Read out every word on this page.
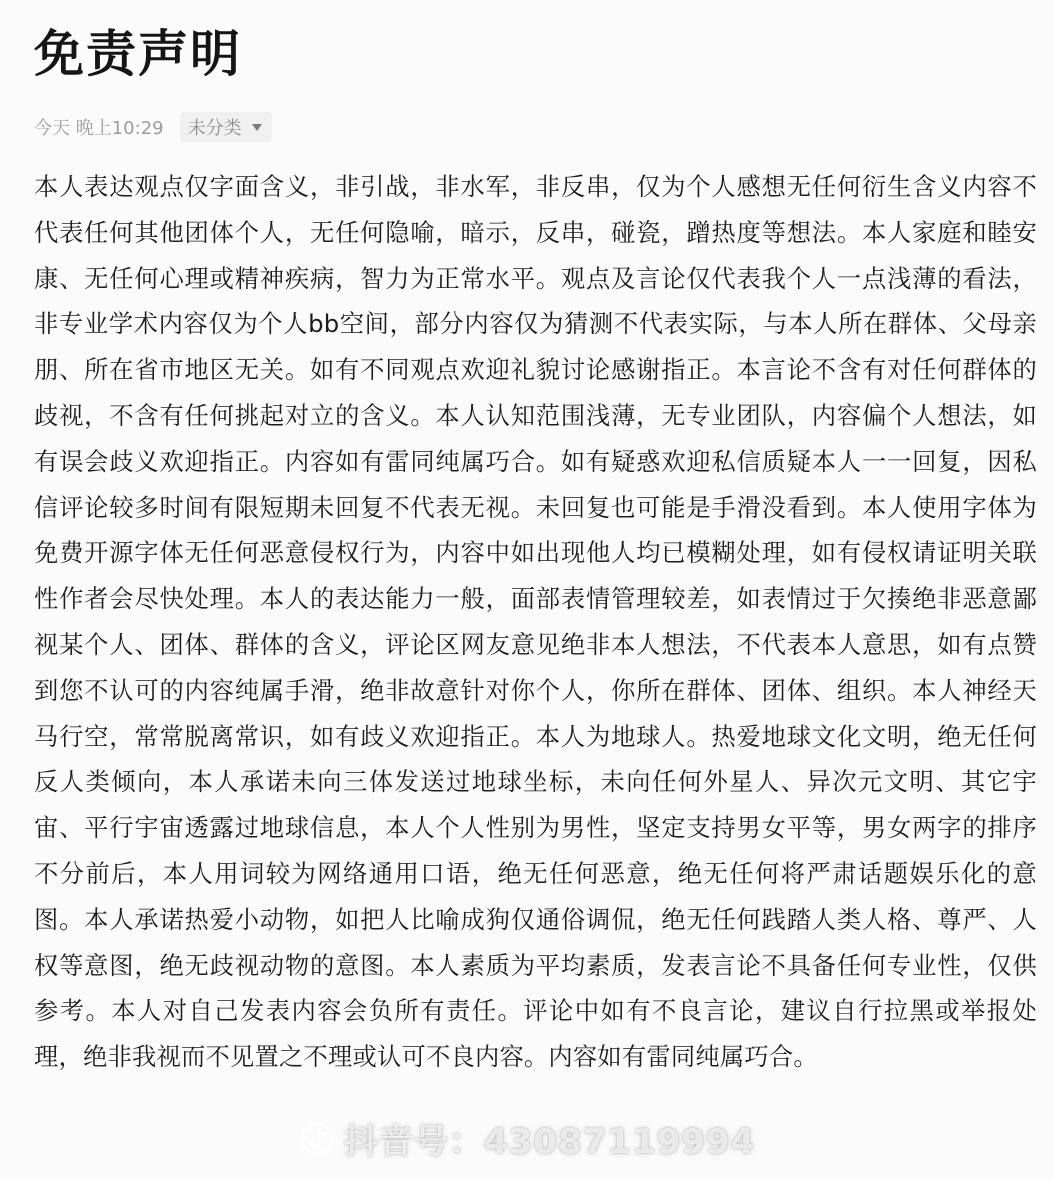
免责声明
今天 晚上10:29 未分类

本人表达观点仅字面含义，非引战，非水军，非反串，仅为个人感想无任何衍生含义内容不代表任何其他团体个人，无任何隐喻，暗示，反串，碰瓷，蹭热度等想法。本人家庭和睦安康、无任何心理或精神疾病，智力为正常水平。观点及言论仅代表我个人一点浅薄的看法，非专业学术内容仅为个人bb空间，部分内容仅为猜测不代表实际，与本人所在群体、父母亲朋、所在省市地区无关。如有不同观点欢迎礼貌讨论感谢指正。本言论不含有对任何群体的歧视，不含有任何挑起对立的含义。本人认知范围浅薄，无专业团队，内容偏个人想法，如有误会歧义欢迎指正。内容如有雷同纯属巧合。如有疑惑欢迎私信质疑本人一一回复，因私信评论较多时间有限短期未回复不代表无视。未回复也可能是手滑没看到。本人使用字体为免费开源字体无任何恶意侵权行为，内容中如出现他人均已模糊处理，如有侵权请证明关联性作者会尽快处理。本人的表达能力一般，面部表情管理较差，如表情过于欠揍绝非恶意鄙视某个人、团体、群体的含义，评论区网友意见绝非本人想法，不代表本人意思，如有点赞到您不认可的内容纯属手滑，绝非故意针对你个人，你所在群体、团体、组织。本人神经天马行空，常常脱离常识，如有歧义欢迎指正。本人为地球人。热爱地球文化文明，绝无任何反人类倾向，本人承诺未向三体发送过地球坐标，未向任何外星人、异次元文明、其它宇宙、平行宇宙透露过地球信息，本人个人性别为男性，坚定支持男女平等，男女两字的排序不分前后，本人用词较为网络通用口语，绝无任何恶意，绝无任何将严肃话题娱乐化的意图。本人承诺热爱小动物，如把人比喻成狗仅通俗调侃，绝无任何践踏人类人格、尊严、人权等意图，绝无歧视动物的意图。本人素质为平均素质，发表言论不具备任何专业性，仅供参考。本人对自己发表内容会负所有责任。评论中如有不良言论，建议自行拉黑或举报处理，绝非我视而不见置之不理或认可不良内容。内容如有雷同纯属巧合。

抖音号：43087119994
